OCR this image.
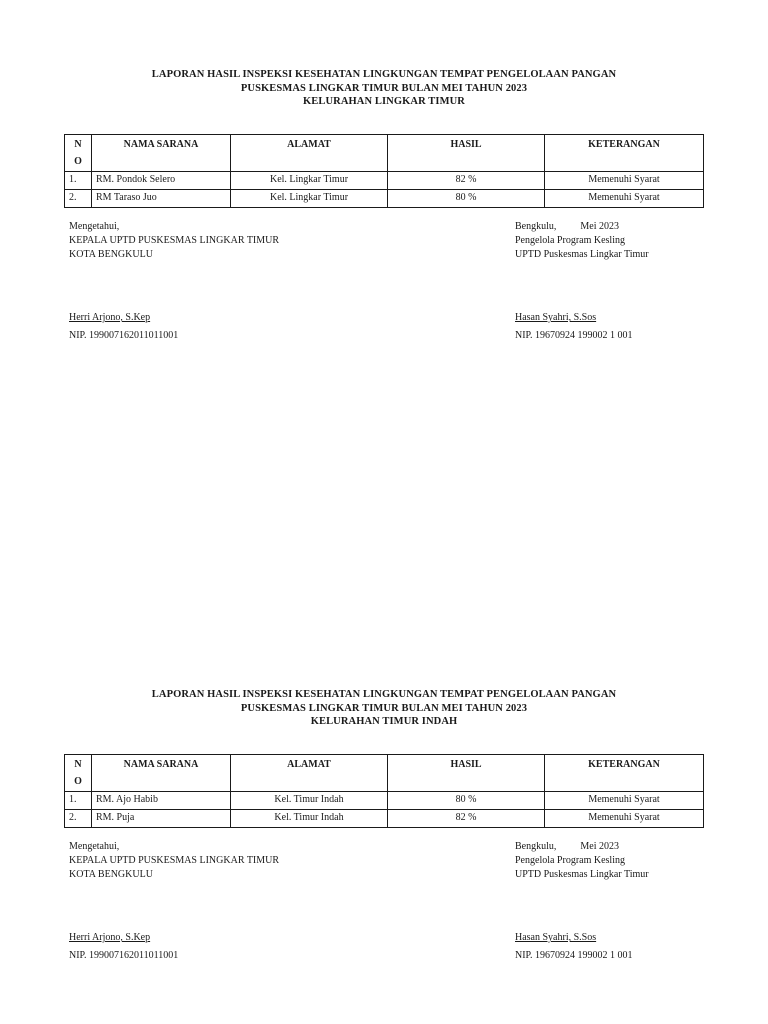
LAPORAN HASIL INSPEKSI KESEHATAN LINGKUNGAN TEMPAT PENGELOLAAN PANGAN
PUSKESMAS LINGKAR TIMUR BULAN MEI TAHUN 2023
KELURAHAN LINGKAR TIMUR
N
O	NAMA SARANA	ALAMAT	HASIL	KETERANGAN
1.	RM. Pondok Selero	Kel. Lingkar Timur	82 %	Memenuhi Syarat
2.	RM Taraso Juo	Kel. Lingkar Timur	80 %	Memenuhi Syarat
Mengetahui,
KEPALA UPTD PUSKESMAS LINGKAR TIMUR
KOTA BENGKULU
Bengkulu, Mei 2023
Pengelola Program Kesling
UPTD Puskesmas Lingkar Timur
Herri Arjono, S.Kep
NIP. 199007162011011001
Hasan Syahri, S.Sos
NIP. 19670924 199002 1 001
LAPORAN HASIL INSPEKSI KESEHATAN LINGKUNGAN TEMPAT PENGELOLAAN PANGAN
PUSKESMAS LINGKAR TIMUR BULAN MEI TAHUN 2023
KELURAHAN TIMUR INDAH
N
O	NAMA SARANA	ALAMAT	HASIL	KETERANGAN
1.	RM. Ajo Habib	Kel. Timur Indah	80 %	Memenuhi Syarat
2.	RM. Puja	Kel. Timur Indah	82 %	Memenuhi Syarat
Mengetahui,
KEPALA UPTD PUSKESMAS LINGKAR TIMUR
KOTA BENGKULU
Bengkulu, Mei 2023
Pengelola Program Kesling
UPTD Puskesmas Lingkar Timur
Herri Arjono, S.Kep
NIP. 199007162011011001
Hasan Syahri, S.Sos
NIP. 19670924 199002 1 001
